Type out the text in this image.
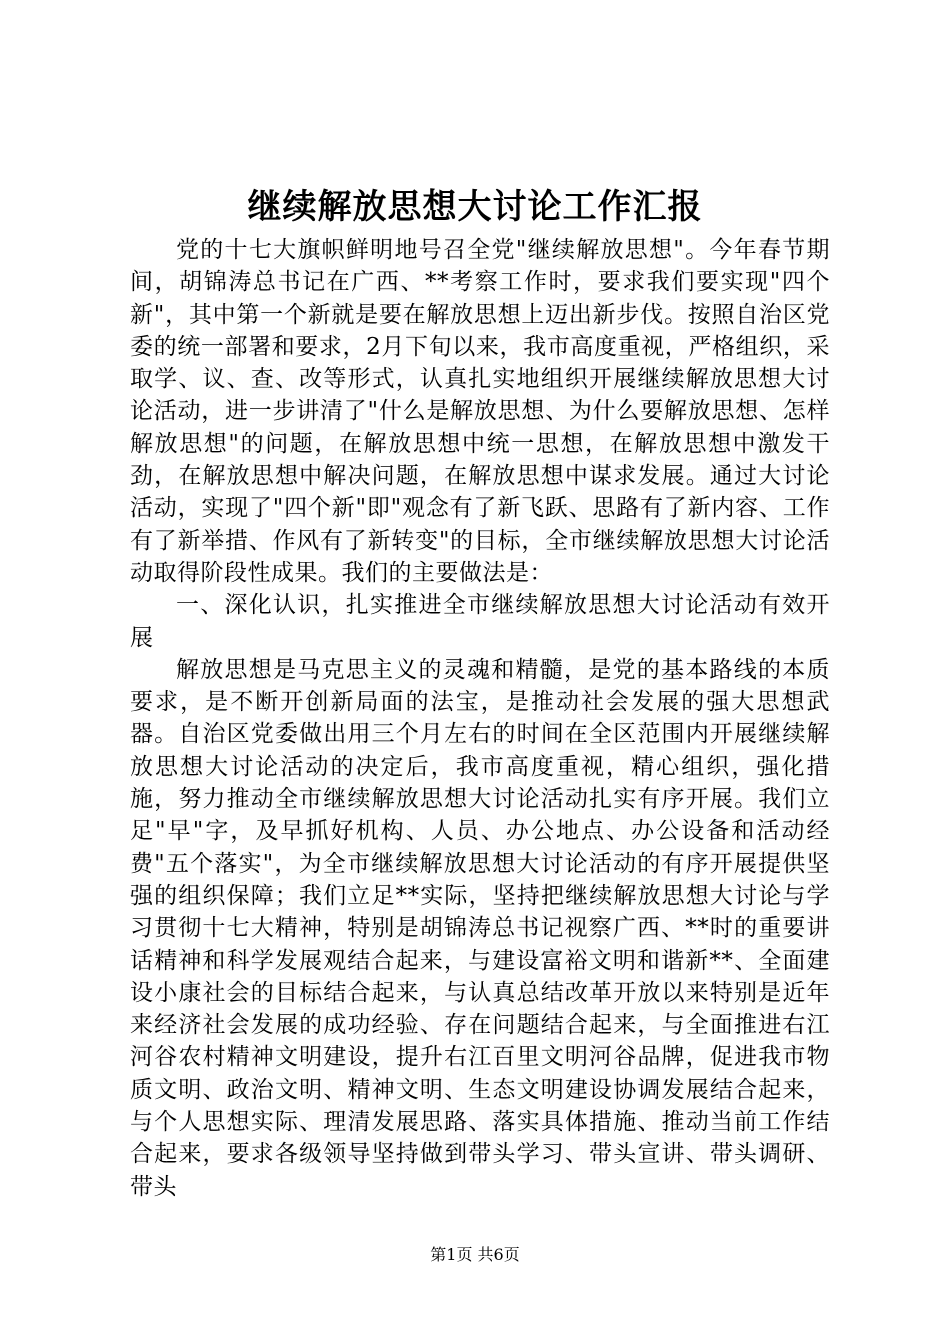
继续解放思想大讨论工作汇报

党的十七大旗帜鲜明地号召全党"继续解放思想"。今年春节期间，胡锦涛总书记在广西、**考察工作时，要求我们要实现"四个新"，其中第一个新就是要在解放思想上迈出新步伐。按照自治区党委的统一部署和要求，2月下旬以来，我市高度重视，严格组织，采取学、议、查、改等形式，认真扎实地组织开展继续解放思想大讨论活动，进一步讲清了"什么是解放思想、为什么要解放思想、怎样解放思想"的问题，在解放思想中统一思想，在解放思想中激发干劲，在解放思想中解决问题，在解放思想中谋求发展。通过大讨论活动，实现了"四个新"即"观念有了新飞跃、思路有了新内容、工作有了新举措、作风有了新转变"的目标，全市继续解放思想大讨论活动取得阶段性成果。我们的主要做法是：

一、深化认识，扎实推进全市继续解放思想大讨论活动有效开展

解放思想是马克思主义的灵魂和精髓，是党的基本路线的本质要求，是不断开创新局面的法宝，是推动社会发展的强大思想武器。自治区党委做出用三个月左右的时间在全区范围内开展继续解放思想大讨论活动的决定后，我市高度重视，精心组织，强化措施，努力推动全市继续解放思想大讨论活动扎实有序开展。我们立足"早"字，及早抓好机构、人员、办公地点、办公设备和活动经费"五个落实"，为全市继续解放思想大讨论活动的有序开展提供坚强的组织保障；我们立足**实际，坚持把继续解放思想大讨论与学习贯彻十七大精神，特别是胡锦涛总书记视察广西、**时的重要讲话精神和科学发展观结合起来，与建设富裕文明和谐新**、全面建设小康社会的目标结合起来，与认真总结改革开放以来特别是近年来经济社会发展的成功经验、存在问题结合起来，与全面推进右江河谷农村精神文明建设，提升右江百里文明河谷品牌，促进我市物质文明、政治文明、精神文明、生态文明建设协调发展结合起来，与个人思想实际、理清发展思路、落实具体措施、推动当前工作结合起来，要求各级领导坚持做到带头学习、带头宣讲、带头调研、带头

第1页 共6页
